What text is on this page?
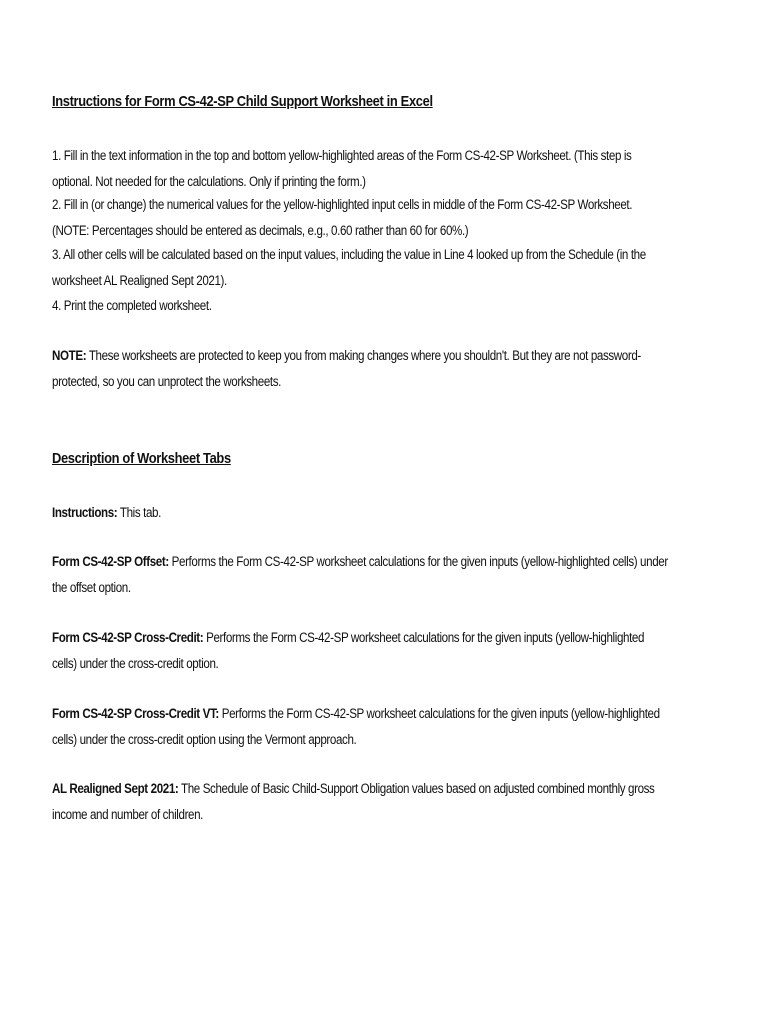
Instructions for Form CS-42-SP Child Support Worksheet in Excel
1. Fill in the text information in the top and bottom yellow-highlighted areas of the Form CS-42-SP Worksheet. (This step is optional. Not needed for the calculations. Only if printing the form.)
2. Fill in (or change) the numerical values for the yellow-highlighted input cells in middle of the Form CS-42-SP Worksheet. (NOTE: Percentages should be entered as decimals, e.g., 0.60 rather than 60 for 60%.)
3. All other cells will be calculated based on the input values, including the value in Line 4 looked up from the Schedule (in the worksheet AL Realigned Sept 2021).
4. Print the completed worksheet.
NOTE: These worksheets are protected to keep you from making changes where you shouldn't. But they are not password-protected, so you can unprotect the worksheets.
Description of Worksheet Tabs
Instructions: This tab.
Form CS-42-SP Offset: Performs the Form CS-42-SP worksheet calculations for the given inputs (yellow-highlighted cells) under the offset option.
Form CS-42-SP Cross-Credit: Performs the Form CS-42-SP worksheet calculations for the given inputs (yellow-highlighted cells) under the cross-credit option.
Form CS-42-SP Cross-Credit VT: Performs the Form CS-42-SP worksheet calculations for the given inputs (yellow-highlighted cells) under the cross-credit option using the Vermont approach.
AL Realigned Sept 2021: The Schedule of Basic Child-Support Obligation values based on adjusted combined monthly gross income and number of children.
